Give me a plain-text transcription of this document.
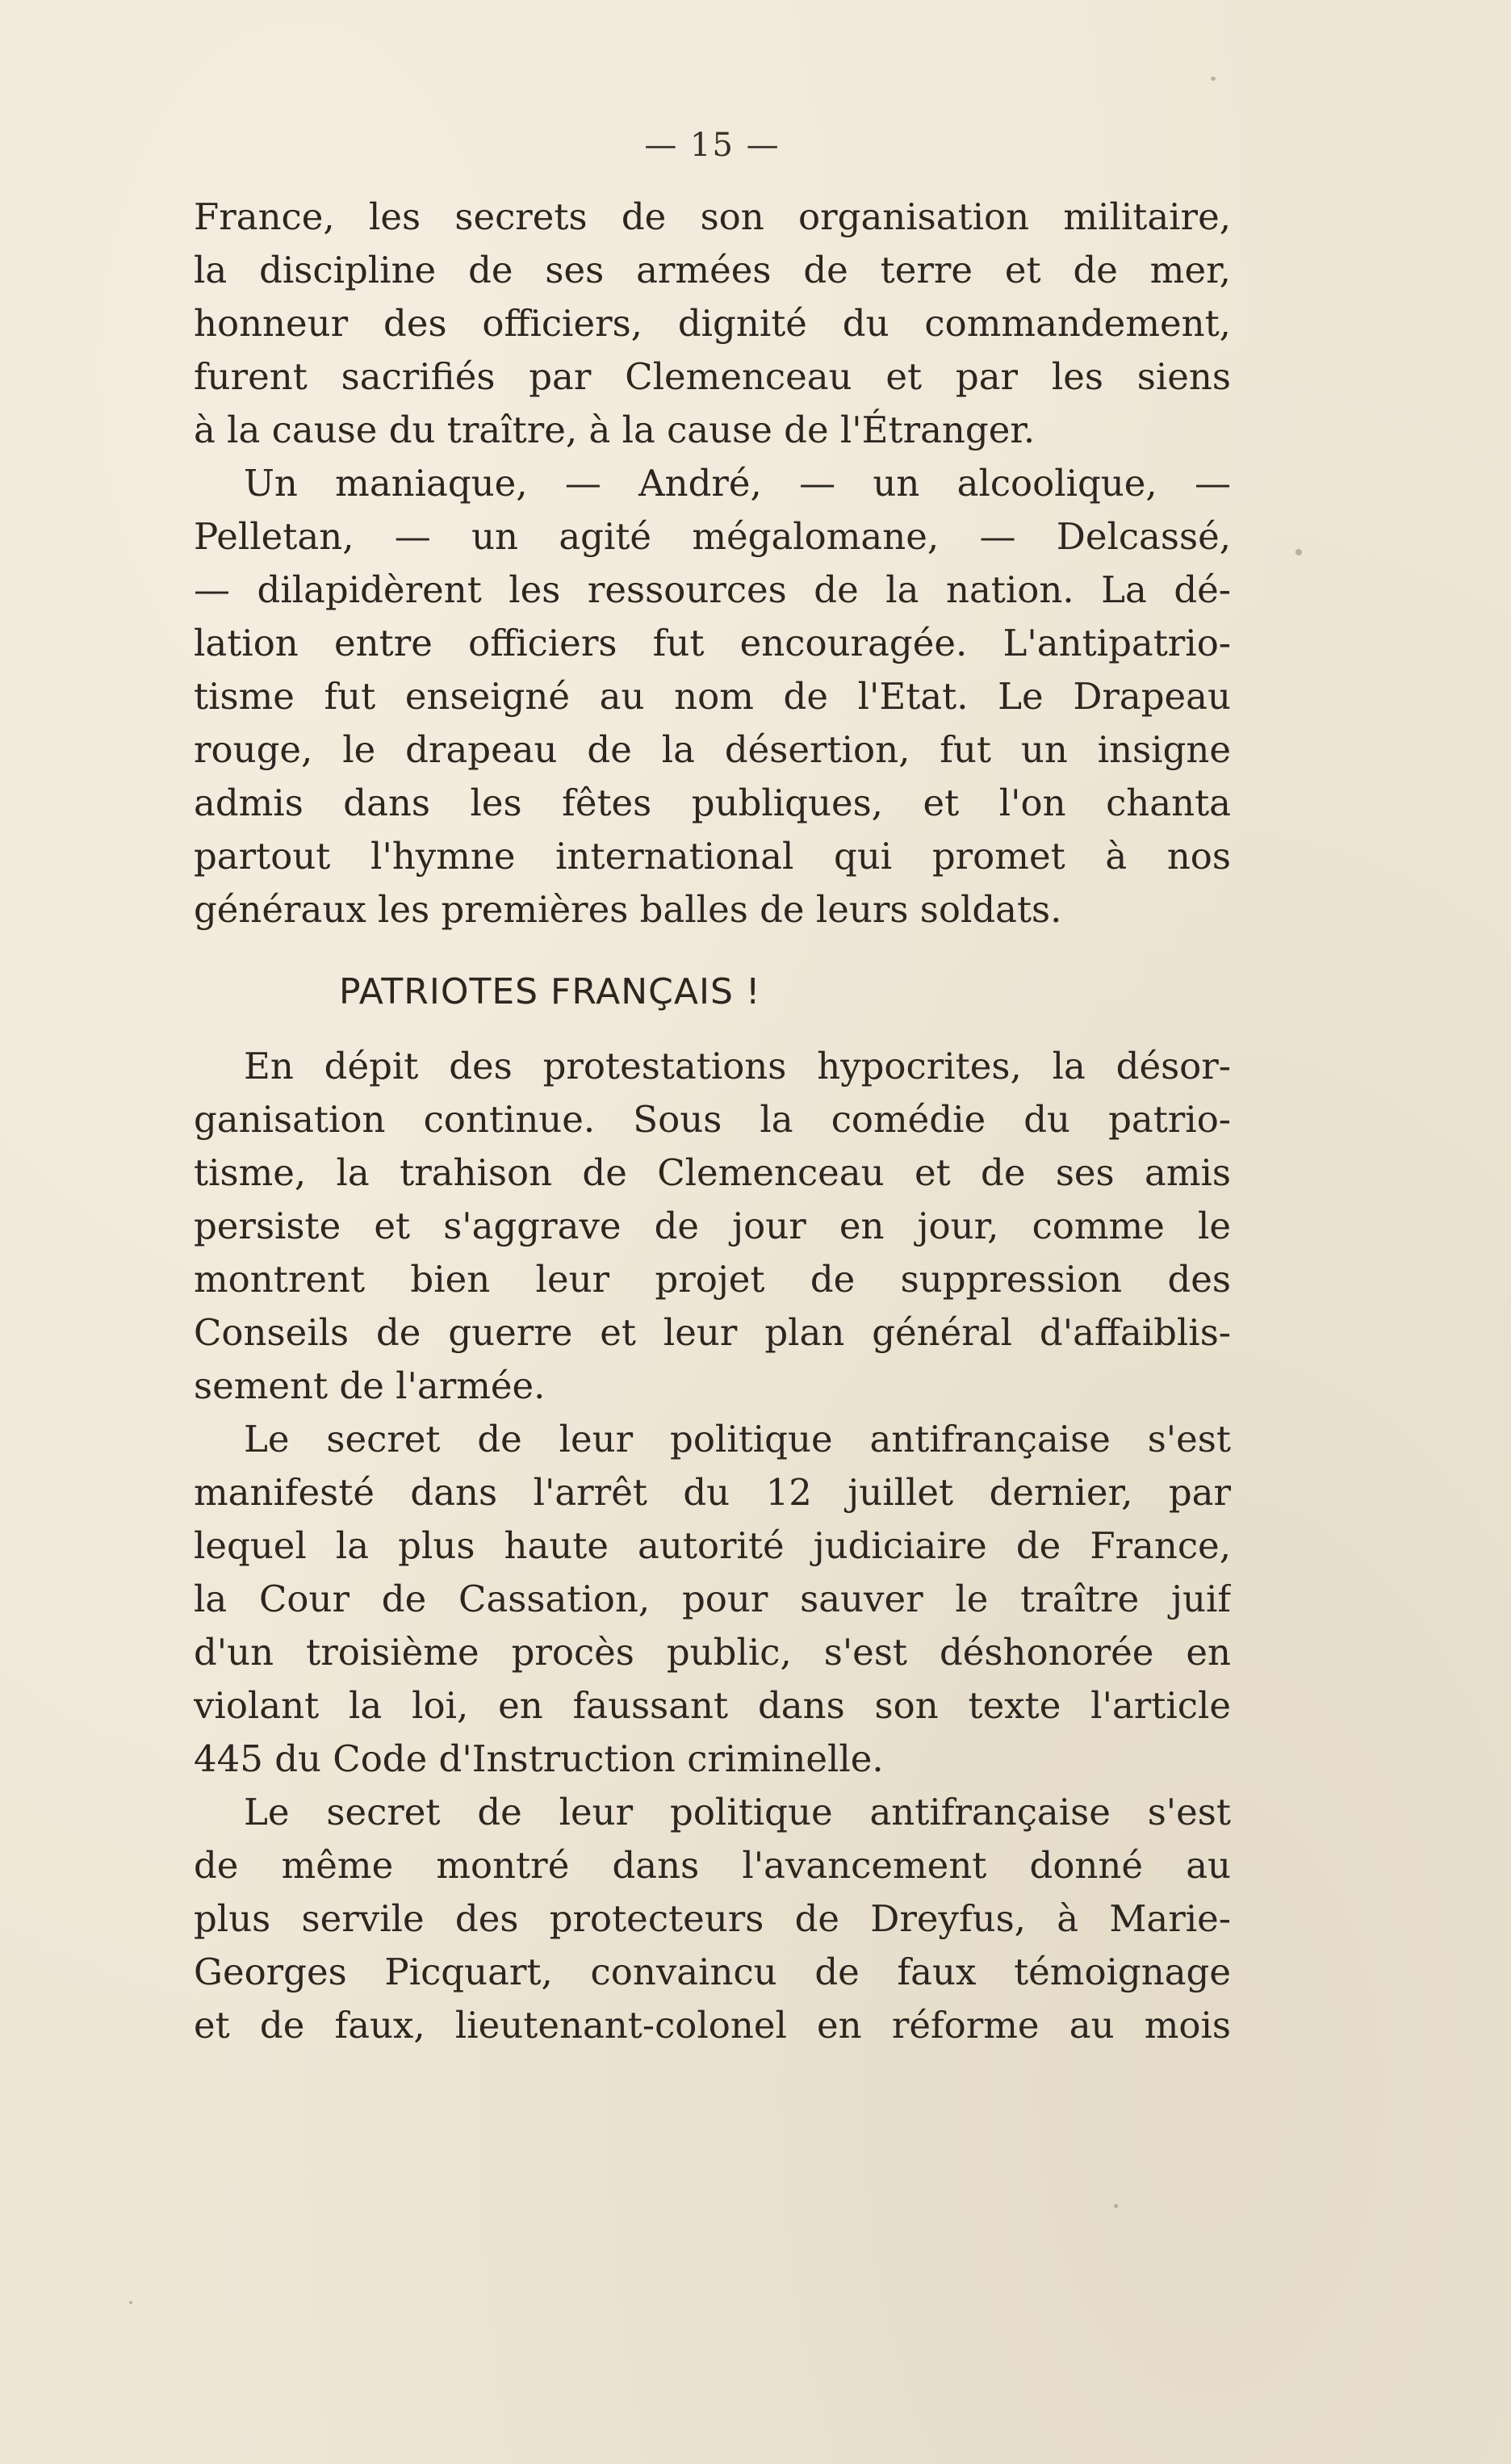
— 15 —

France, les secrets de son organisation militaire,
la discipline de ses armées de terre et de mer,
honneur des officiers, dignité du commandement,
furent sacrifiés par Clemenceau et par les siens
à la cause du traître, à la cause de l'Étranger.

Un maniaque, — André, — un alcoolique, —
Pelletan, — un agité mégalomane, — Delcassé,
— dilapidèrent les ressources de la nation. La dé-
lation entre officiers fut encouragée. L'antipatrio-
tisme fut enseigné au nom de l'Etat. Le Drapeau
rouge, le drapeau de la désertion, fut un insigne
admis dans les fêtes publiques, et l'on chanta
partout l'hymne international qui promet à nos
généraux les premières balles de leurs soldats.

PATRIOTES FRANÇAIS !

En dépit des protestations hypocrites, la désor-
ganisation continue. Sous la comédie du patrio-
tisme, la trahison de Clemenceau et de ses amis
persiste et s'aggrave de jour en jour, comme le
montrent bien leur projet de suppression des
Conseils de guerre et leur plan général d'affaiblis-
sement de l'armée.

Le secret de leur politique antifrançaise s'est
manifesté dans l'arrêt du 12 juillet dernier, par
lequel la plus haute autorité judiciaire de France,
la Cour de Cassation, pour sauver le traître juif
d'un troisième procès public, s'est déshonorée en
violant la loi, en faussant dans son texte l'article
445 du Code d'Instruction criminelle.

Le secret de leur politique antifrançaise s'est
de même montré dans l'avancement donné au
plus servile des protecteurs de Dreyfus, à Marie-
Georges Picquart, convaincu de faux témoignage
et de faux, lieutenant-colonel en réforme au mois
